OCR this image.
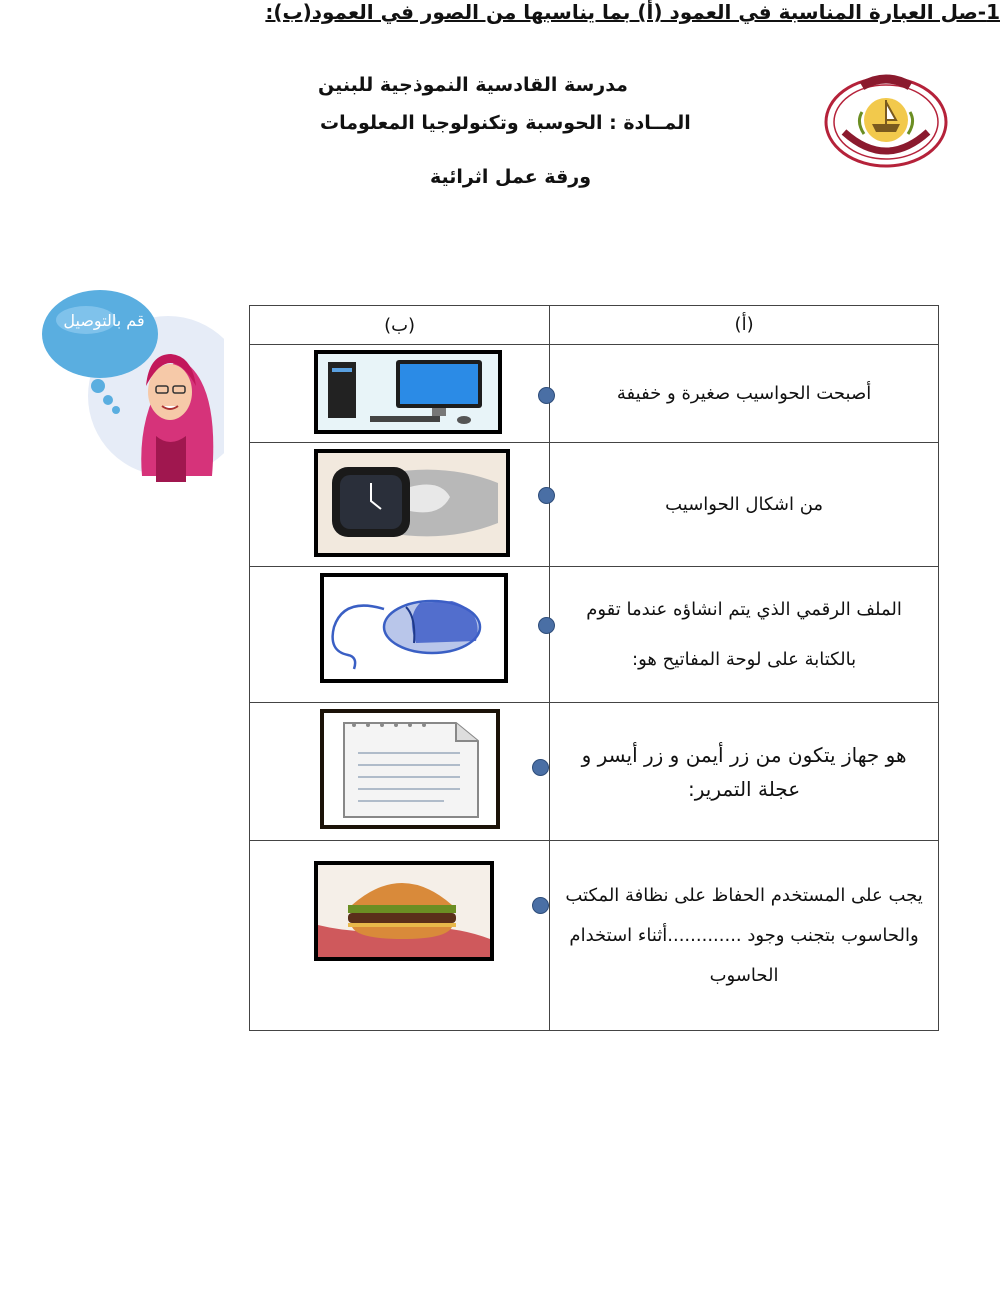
مدرسة القادسية النموذجية للبنين
المــادة : الحوسبة وتكنولوجيا المعلومات
ورقة عمل اثرائية
1-صل العبارة المناسبة في العمود (أ) بما يناسبها من الصور في العمود(ب):
قم بالتوصيل	(ب)	(أ)

	أصبحت الحواسيب صغيرة و خفيفة

	من اشكال الحواسيب

	الملف الرقمي الذي يتم انشاؤه عندما تقوم بالكتابة على لوحة المفاتيح هو:

	هو جهاز يتكون من زر أيمن و زر أيسر و عجلة التمرير:

	يجب على المستخدم الحفاظ على نظافة المكتب والحاسوب بتجنب وجود .............أثناء استخدام الحاسوب
